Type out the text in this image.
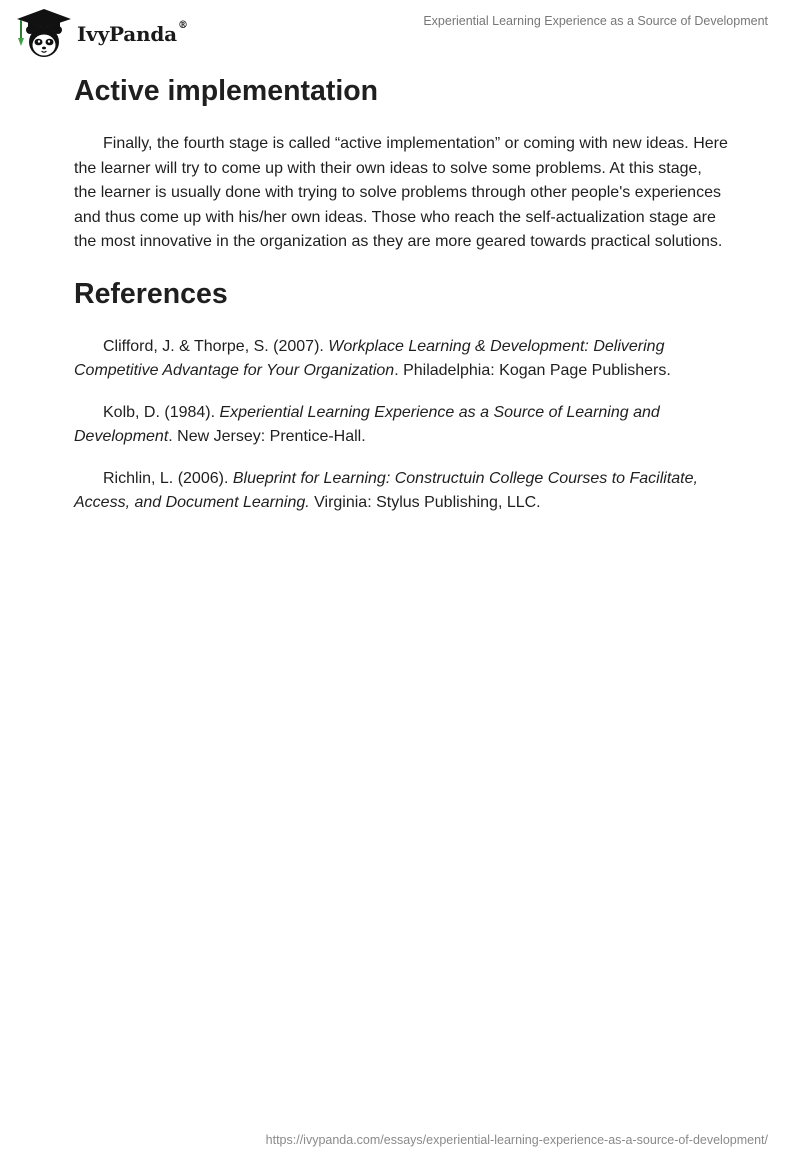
IvyPanda®	Experiential Learning Experience as a Source of Development
Active implementation

Finally, the fourth stage is called “active implementation” or coming with new ideas. Here the learner will try to come up with their own ideas to solve some problems. At this stage, the learner is usually done with trying to solve problems through other people's experiences and thus come up with his/her own ideas. Those who reach the self-actualization stage are the most innovative in the organization as they are more geared towards practical solutions.

References

Clifford, J. & Thorpe, S. (2007). Workplace Learning & Development: Delivering Competitive Advantage for Your Organization. Philadelphia: Kogan Page Publishers.

Kolb, D. (1984). Experiential Learning Experience as a Source of Learning and Development. New Jersey: Prentice-Hall.

Richlin, L. (2006). Blueprint for Learning: Constructuin College Courses to Facilitate, Access, and Document Learning. Virginia: Stylus Publishing, LLC.

https://ivypanda.com/essays/experiential-learning-experience-as-a-source-of-development/
